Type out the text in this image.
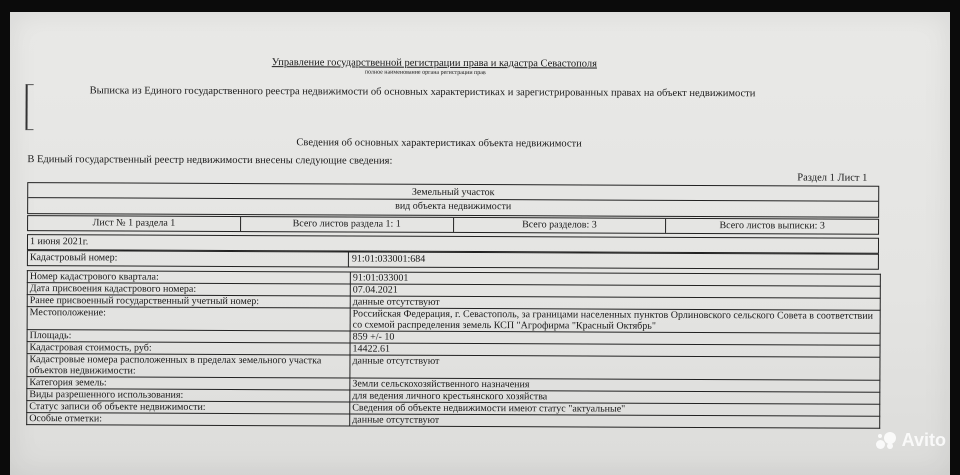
Управление государственной регистрации права и кадастра Севастополя
полное наименование органа регистрации прав
Выписка из Единого государственного реестра недвижимости об основных характеристиках и зарегистрированных правах на объект недвижимости
Сведения об основных характеристиках объекта недвижимости
В Единый государственный реестр недвижимости внесены следующие сведения:
Раздел 1 Лист 1
Земельный участок
вид объекта недвижимости
Лист № 1 раздела 1	Всего листов раздела 1: 1	Всего разделов: 3	Всего листов выписки: 3
1 июня 2021г.
Кадастровый номер:	91:01:033001:684
Номер кадастрового квартала:	91:01:033001
Дата присвоения кадастрового номера:	07.04.2021
Ранее присвоенный государственный учетный номер:	данные отсутствуют
Местоположение:	Российская Федерация, г. Севастополь, за границами населенных пунктов Орлиновского сельского Совета в соответствии со схемой распределения земель КСП "Агрофирма "Красный Октябрь"
Площадь:	859 +/- 10
Кадастровая стоимость, руб:	14422.61
Кадастровые номера расположенных в пределах земельного участка объектов недвижимости:	данные отсутствуют
Категория земель:	Земли сельскохозяйственного назначения
Виды разрешенного использования:	для ведения личного крестьянского хозяйства
Статус записи об объекте недвижимости:	Сведения об объекте недвижимости имеют статус "актуальные"
Особые отметки:	данные отсутствуют
Avito
